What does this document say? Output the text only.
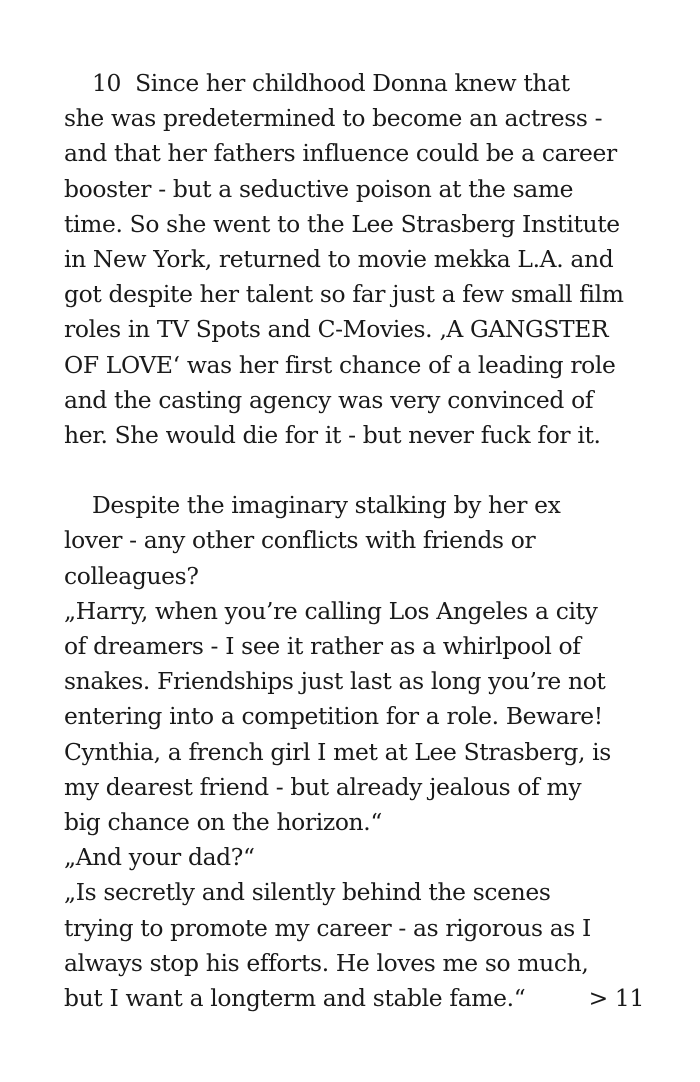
10 Since her childhood Donna knew that
she was predetermined to become an actress -
and that her fathers influence could be a career
booster - but a seductive poison at the same
time. So she went to the Lee Strasberg Institute
in New York, returned to movie mekka L.A. and
got despite her talent so far just a few small film
roles in TV Spots and C-Movies. ‚A GANGSTER
OF LOVE‘ was her first chance of a leading role
and the casting agency was very convinced of
her. She would die for it - but never fuck for it.
Despite the imaginary stalking by her ex
lover - any other conflicts with friends or
colleagues?
„Harry, when you’re calling Los Angeles a city
of dreamers - I see it rather as a whirlpool of
snakes. Friendships just last as long you’re not
entering into a competition for a role. Beware!
Cynthia, a french girl I met at Lee Strasberg, is
my dearest friend - but already jealous of my
big chance on the horizon.“
„And your dad?“
„Is secretly and silently behind the scenes
trying to promote my career - as rigorous as I
always stop his efforts. He loves me so much,
but I want a longterm and stable fame.“	> 11
